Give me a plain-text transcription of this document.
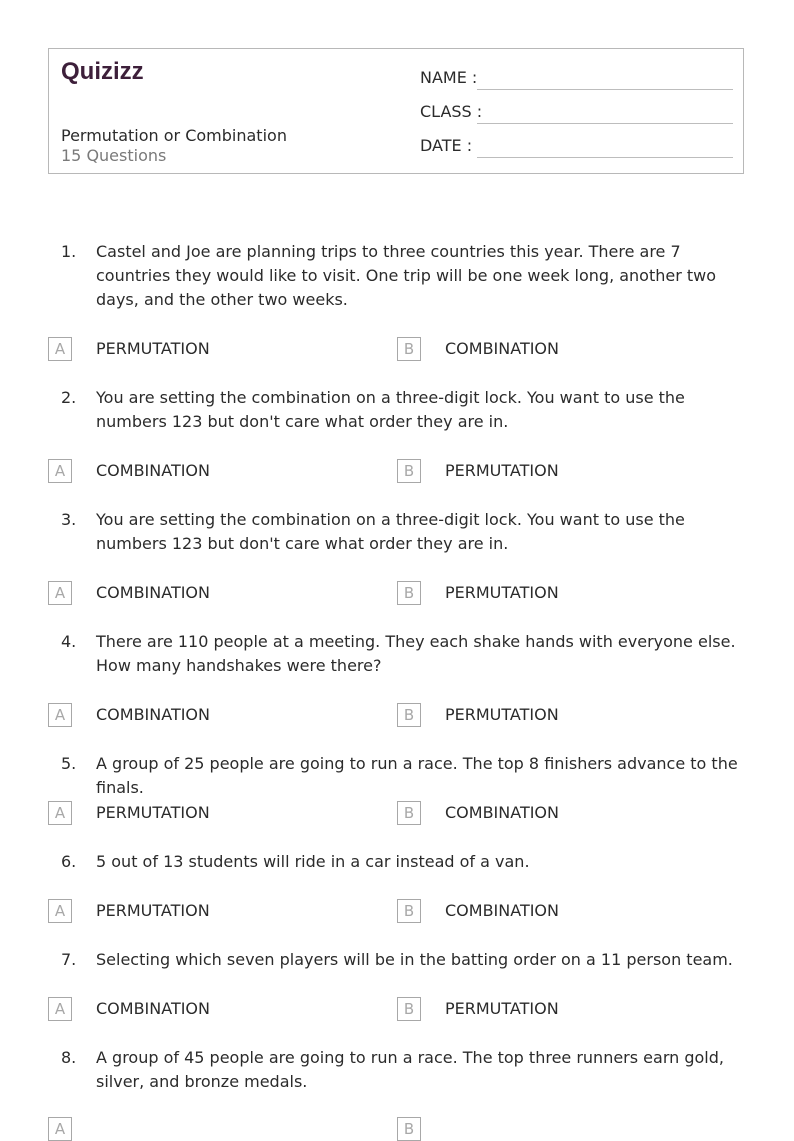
Quizizz
Permutation or Combination
15 Questions
NAME :
CLASS :
DATE :
1. Castel and Joe are planning trips to three countries this year. There are 7 countries they would like to visit. One trip will be one week long, another two days, and the other two weeks.
A	PERMUTATION	B	COMBINATION
2. You are setting the combination on a three-digit lock. You want to use the numbers 123 but don't care what order they are in.
A	COMBINATION	B	PERMUTATION
3. You are setting the combination on a three-digit lock. You want to use the numbers 123 but don't care what order they are in.
A	COMBINATION	B	PERMUTATION
4. There are 110 people at a meeting. They each shake hands with everyone else. How many handshakes were there?
A	COMBINATION	B	PERMUTATION
5. A group of 25 people are going to run a race. The top 8 finishers advance to the finals.
A	PERMUTATION	B	COMBINATION
6. 5 out of 13 students will ride in a car instead of a van.
A	PERMUTATION	B	COMBINATION
7. Selecting which seven players will be in the batting order on a 11 person team.
A	COMBINATION	B	PERMUTATION
8. A group of 45 people are going to run a race. The top three runners earn gold, silver, and bronze medals.
A	B
